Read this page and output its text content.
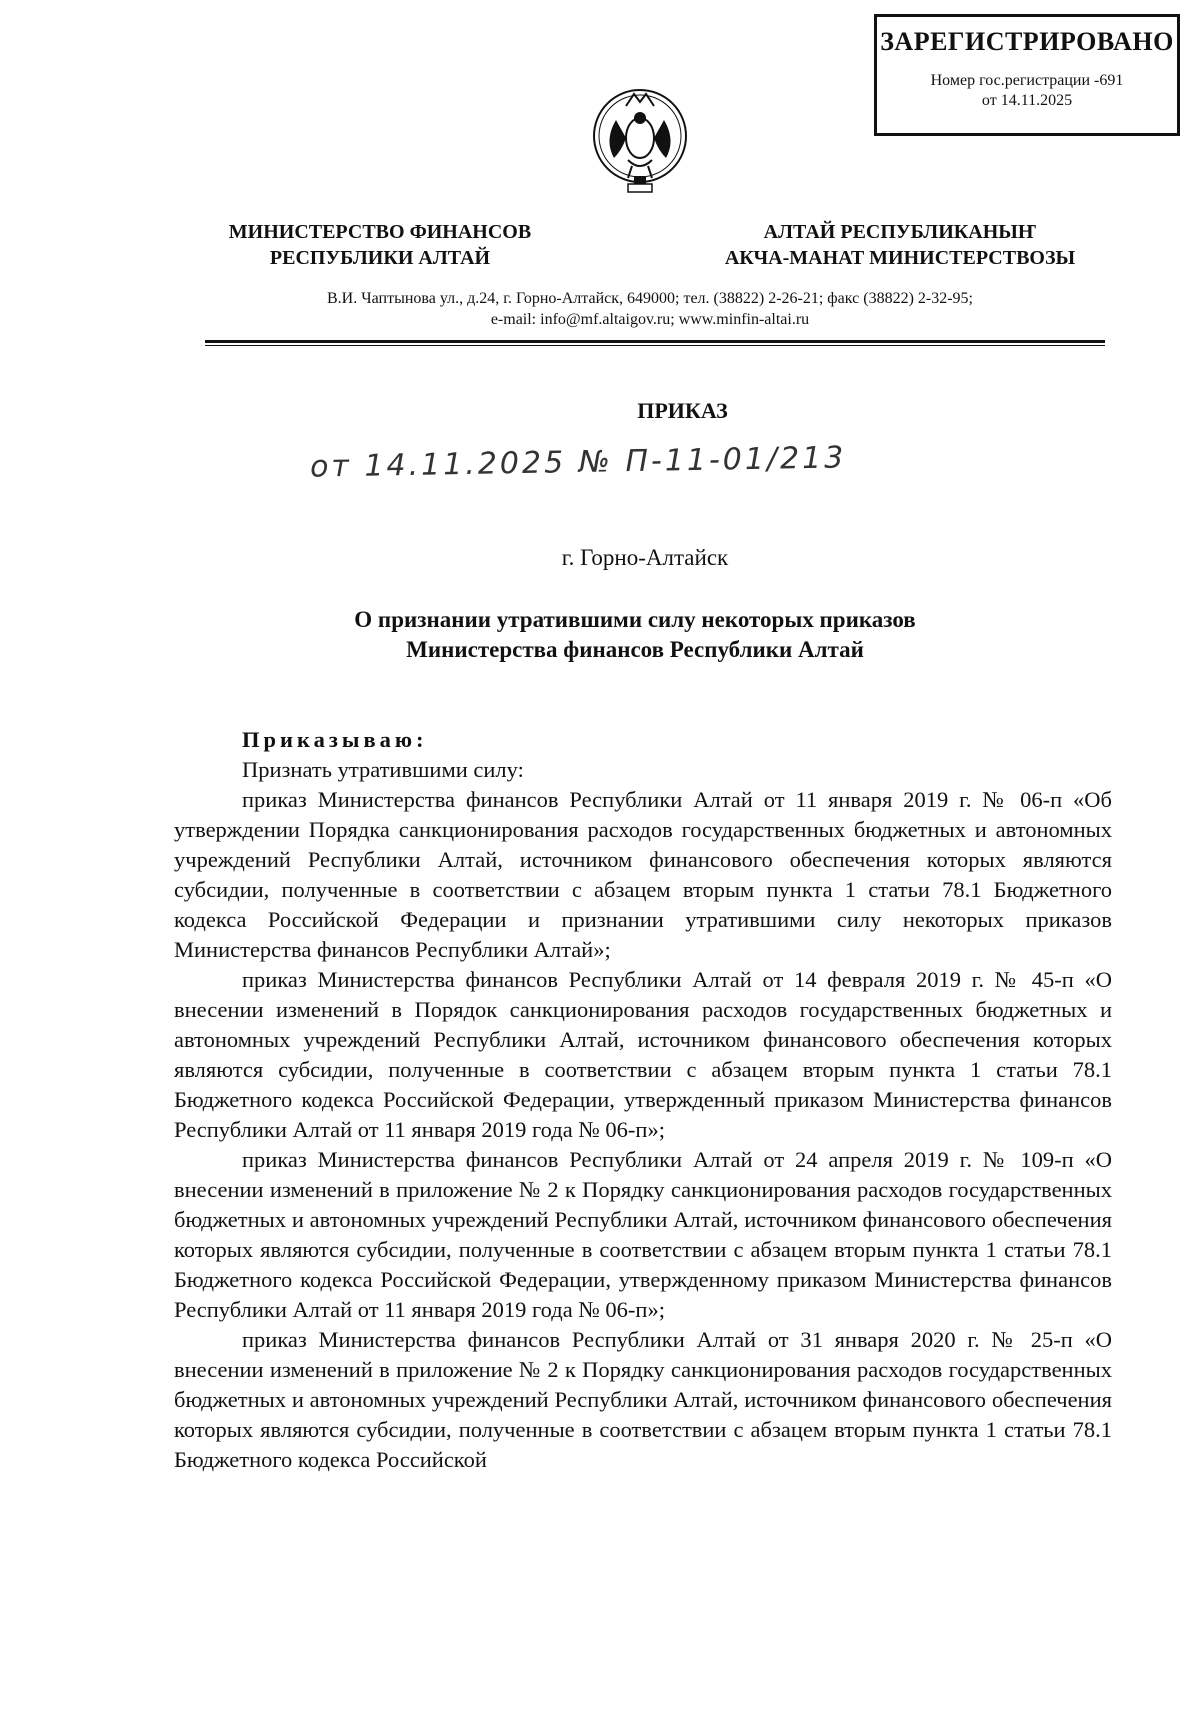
ЗАРЕГИСТРИРОВАНО
Номер гос.регистрации -691
от 14.11.2025
МИНИСТЕРСТВО ФИНАНСОВ
РЕСПУБЛИКИ АЛТАЙ
АЛТАЙ РЕСПУБЛИКАНЫҤ
АКЧА-МАНАТ МИНИСТЕРСТВОЗЫ
В.И. Чаптынова ул., д.24, г. Горно-Алтайск, 649000; тел. (38822) 2-26-21; факс (38822) 2-32-95;
e-mail: info@mf.altaigov.ru; www.minfin-altai.ru
ПРИКАЗ
от 14.11.2025 № П-11-01/213
г. Горно-Алтайск
О признании утратившими силу некоторых приказов
Министерства финансов Республики Алтай
Приказываю:
Признать утратившими силу:

приказ Министерства финансов Республики Алтай от 11 января 2019 г. № 06-п «Об утверждении Порядка санкционирования расходов государственных бюджетных и автономных учреждений Республики Алтай, источником финансового обеспечения которых являются субсидии, полученные в соответствии с абзацем вторым пункта 1 статьи 78.1 Бюджетного кодекса Российской Федерации и признании утратившими силу некоторых приказов Министерства финансов Республики Алтай»;

приказ Министерства финансов Республики Алтай от 14 февраля 2019 г. № 45-п «О внесении изменений в Порядок санкционирования расходов государственных бюджетных и автономных учреждений Республики Алтай, источником финансового обеспечения которых являются субсидии, полученные в соответствии с абзацем вторым пункта 1 статьи 78.1 Бюджетного кодекса Российской Федерации, утвержденный приказом Министерства финансов Республики Алтай от 11 января 2019 года № 06-п»;

приказ Министерства финансов Республики Алтай от 24 апреля 2019 г. № 109-п «О внесении изменений в приложение № 2 к Порядку санкционирования расходов государственных бюджетных и автономных учреждений Республики Алтай, источником финансового обеспечения которых являются субсидии, полученные в соответствии с абзацем вторым пункта 1 статьи 78.1 Бюджетного кодекса Российской Федерации, утвержденному приказом Министерства финансов Республики Алтай от 11 января 2019 года № 06-п»;

приказ Министерства финансов Республики Алтай от 31 января 2020 г. № 25-п «О внесении изменений в приложение № 2 к Порядку санкционирования расходов государственных бюджетных и автономных учреждений Республики Алтай, источником финансового обеспечения которых являются субсидии, полученные в соответствии с абзацем вторым пункта 1 статьи 78.1 Бюджетного кодекса Российской
